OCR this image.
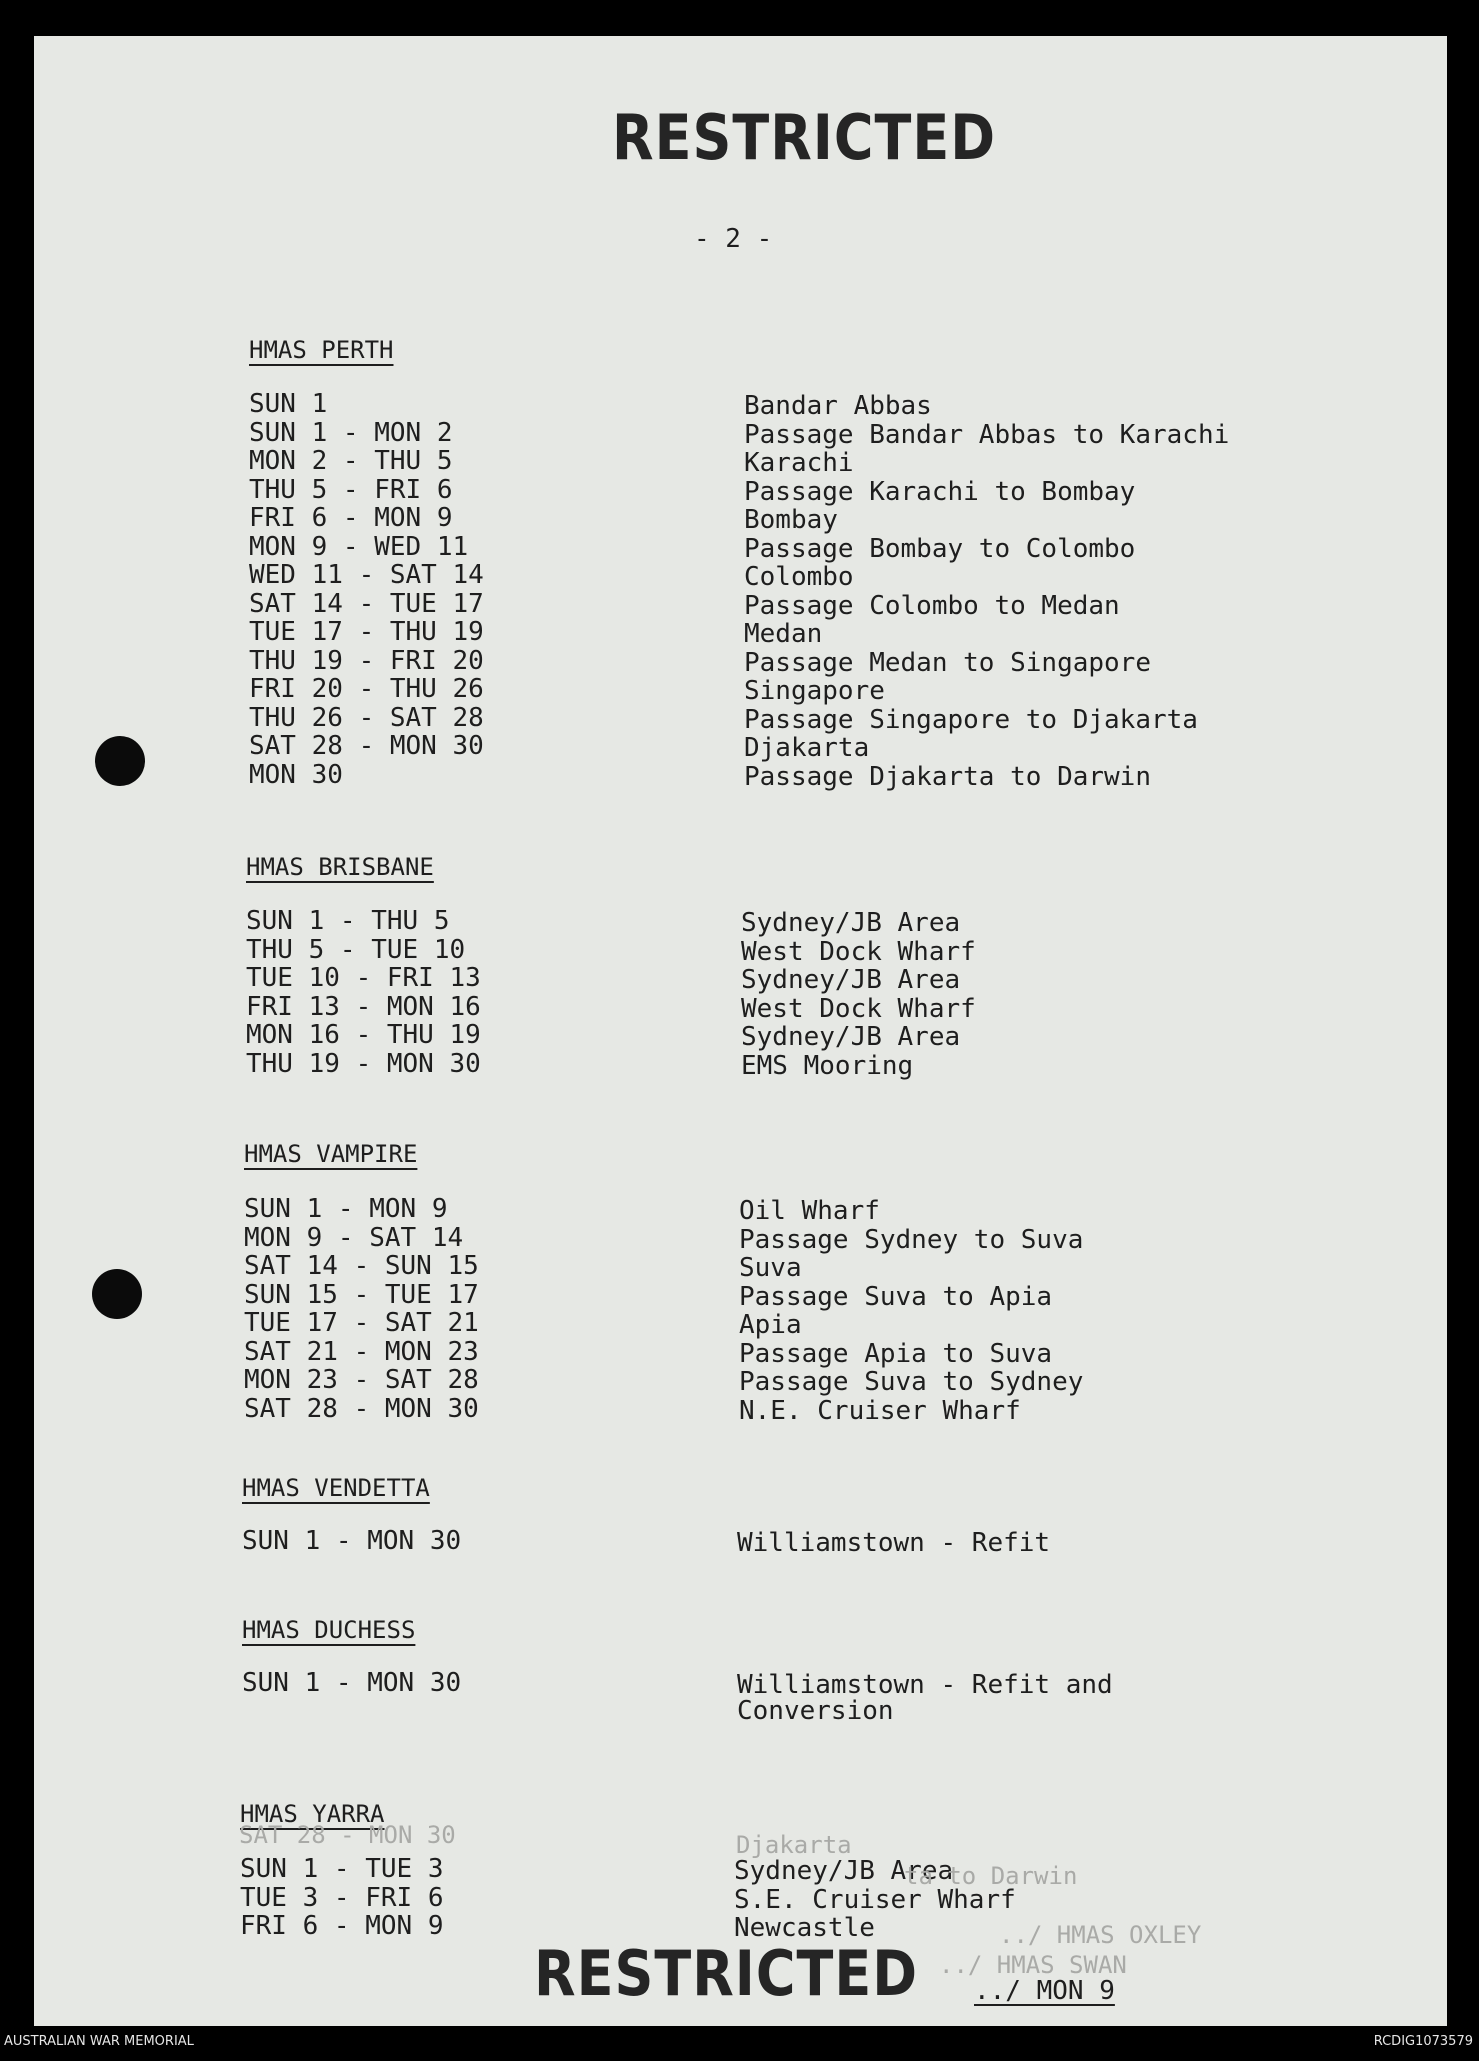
RESTRICTED
- 2 -
HMAS PERTH
SUN 1	Bandar Abbas
SUN 1 - MON 2	Passage Bandar Abbas to Karachi
MON 2 - THU 5	Karachi
THU 5 - FRI 6	Passage Karachi to Bombay
FRI 6 - MON 9	Bombay
MON 9 - WED 11	Passage Bombay to Colombo
WED 11 - SAT 14	Colombo
SAT 14 - TUE 17	Passage Colombo to Medan
TUE 17 - THU 19	Medan
THU 19 - FRI 20	Passage Medan to Singapore
FRI 20 - THU 26	Singapore
THU 26 - SAT 28	Passage Singapore to Djakarta
SAT 28 - MON 30	Djakarta
MON 30	Passage Djakarta to Darwin
HMAS BRISBANE
SUN 1 - THU 5	Sydney/JB Area
THU 5 - TUE 10	West Dock Wharf
TUE 10 - FRI 13	Sydney/JB Area
FRI 13 - MON 16	West Dock Wharf
MON 16 - THU 19	Sydney/JB Area
THU 19 - MON 30	EMS Mooring
HMAS VAMPIRE
SUN 1 - MON 9	Oil Wharf
MON 9 - SAT 14	Passage Sydney to Suva
SAT 14 - SUN 15	Suva
SUN 15 - TUE 17	Passage Suva to Apia
TUE 17 - SAT 21	Apia
SAT 21 - MON 23	Passage Apia to Suva
MON 23 - SAT 28	Passage Suva to Sydney
SAT 28 - MON 30	N.E. Cruiser Wharf
HMAS VENDETTA
SUN 1 - MON 30	Williamstown - Refit
HMAS DUCHESS
SUN 1 - MON 30	Williamstown - Refit and
Conversion
HMAS YARRA
SUN 1 - TUE 3	Sydney/JB Area
TUE 3 - FRI 6	S.E. Cruiser Wharf
FRI 6 - MON 9	Newcastle
SAT 28 - MON 30	Djakarta
ta to Darwin
../ HMAS OXLEY
../ HMAS SWAN
RESTRICTED ../ MON 9
AUSTRALIAN WAR MEMORIAL	RCDIG1073579
